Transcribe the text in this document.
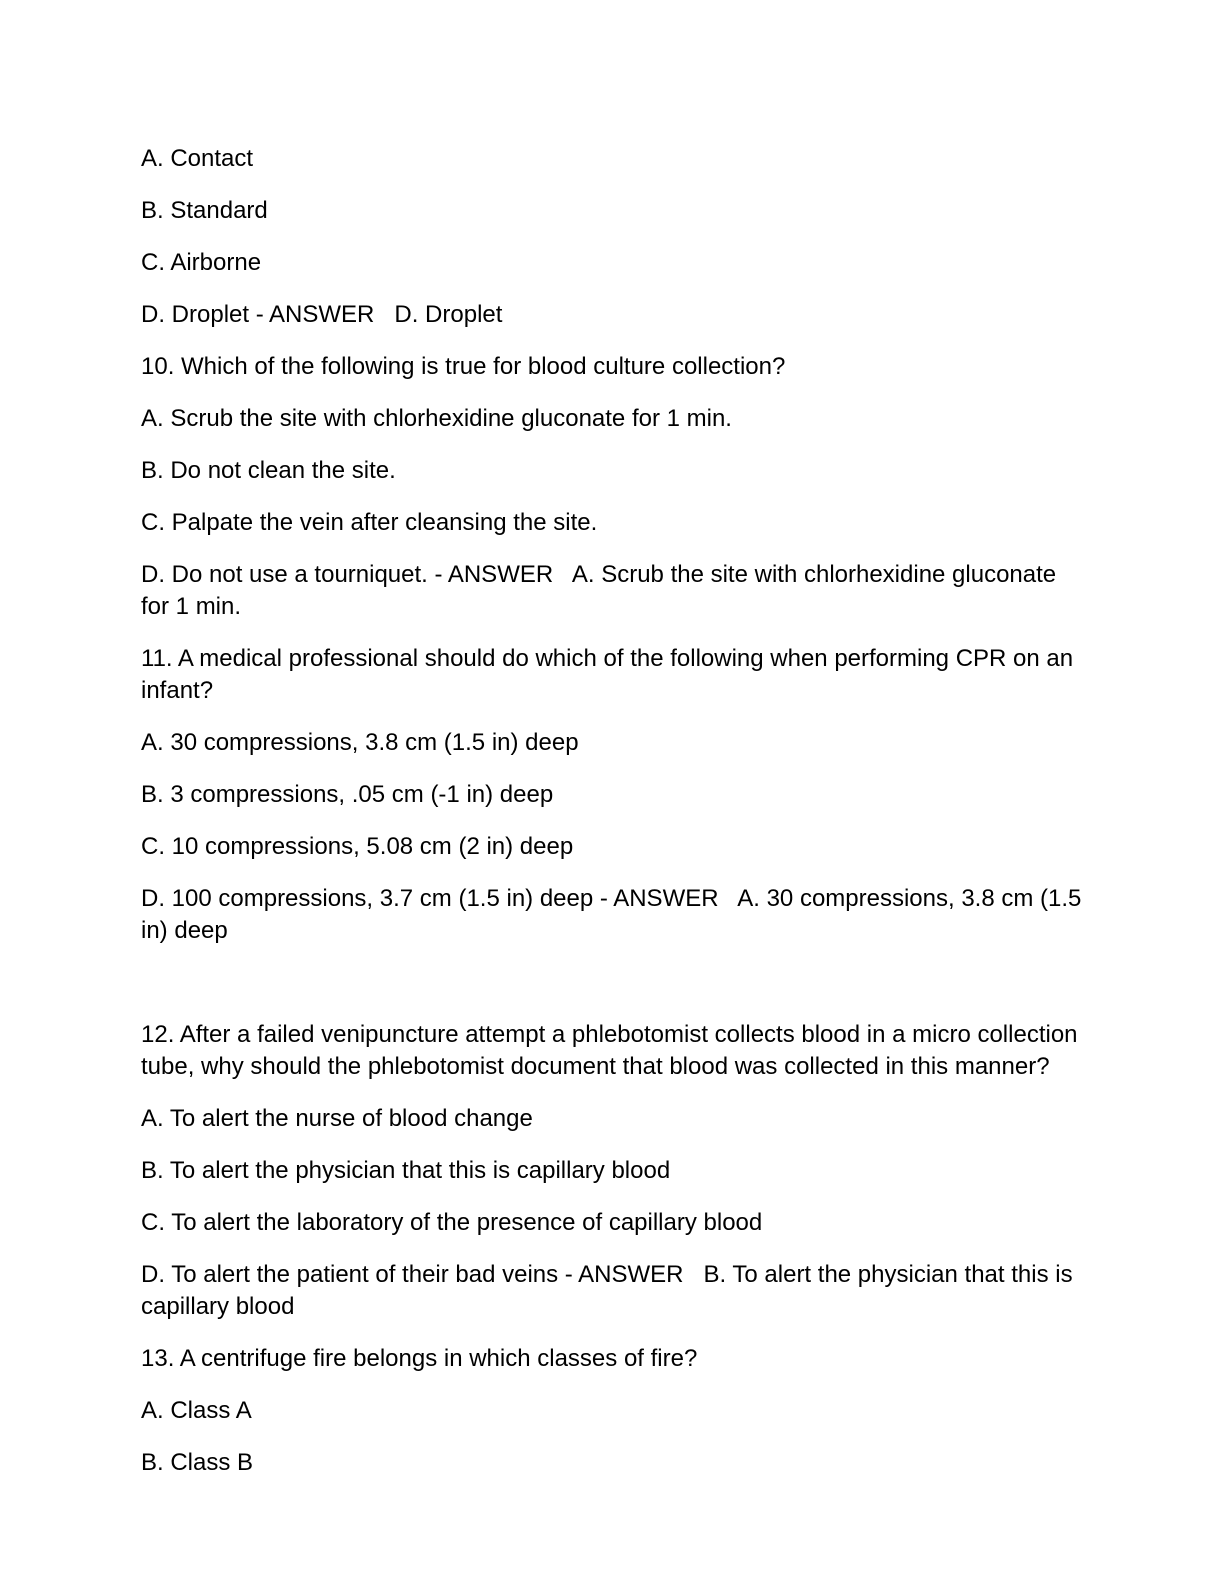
A. Contact

B. Standard

C. Airborne

D. Droplet - ANSWER   D. Droplet

10. Which of the following is true for blood culture collection?

A. Scrub the site with chlorhexidine gluconate for 1 min.

B. Do not clean the site.

C. Palpate the vein after cleansing the site.

D. Do not use a tourniquet. - ANSWER   A. Scrub the site with chlorhexidine gluconate for 1 min.

11. A medical professional should do which of the following when performing CPR on an infant?

A. 30 compressions, 3.8 cm (1.5 in) deep

B. 3 compressions, .05 cm (-1 in) deep

C. 10 compressions, 5.08 cm (2 in) deep

D. 100 compressions, 3.7 cm (1.5 in) deep - ANSWER   A. 30 compressions, 3.8 cm (1.5 in) deep

12. After a failed venipuncture attempt a phlebotomist collects blood in a micro collection tube, why should the phlebotomist document that blood was collected in this manner?

A. To alert the nurse of blood change

B. To alert the physician that this is capillary blood

C. To alert the laboratory of the presence of capillary blood

D. To alert the patient of their bad veins - ANSWER   B. To alert the physician that this is capillary blood

13. A centrifuge fire belongs in which classes of fire?

A. Class A

B. Class B
